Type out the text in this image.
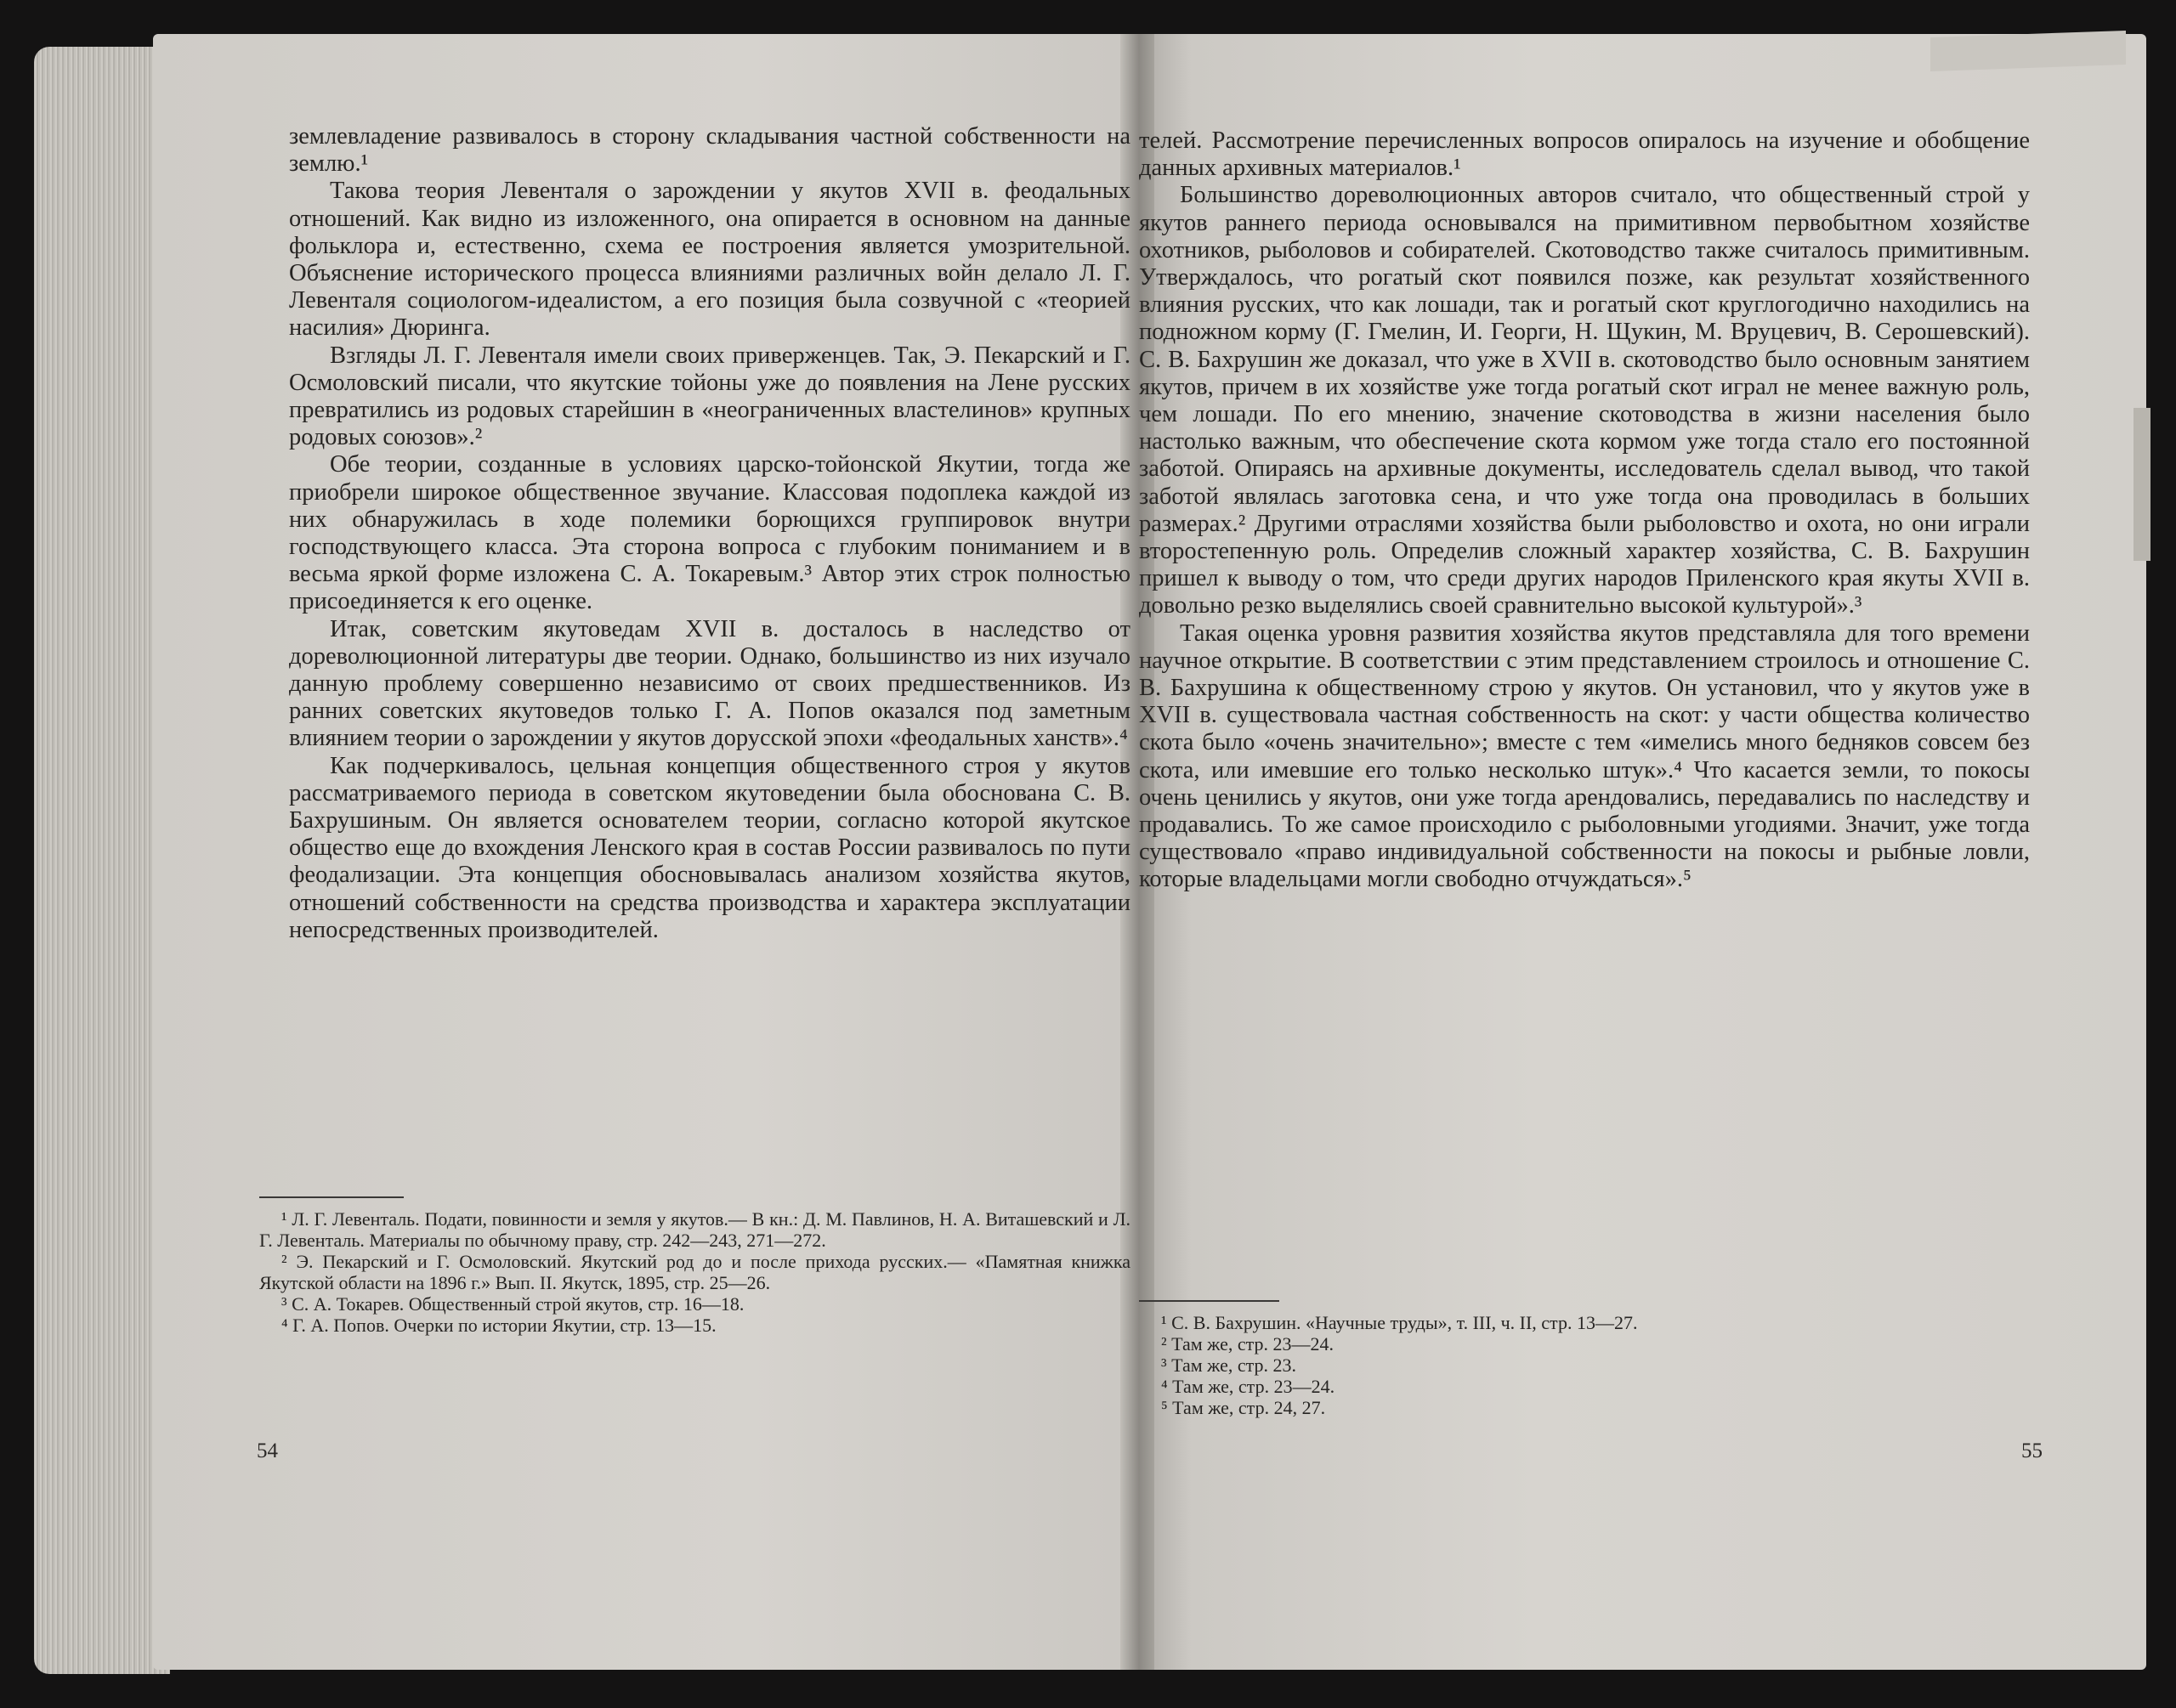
землевладение развивалось в сторону складывания частной собственности на землю.¹

Такова теория Левенталя о зарождении у якутов XVII в. феодальных отношений. Как видно из изложенного, она опирается в основном на данные фольклора и, естественно, схема ее построения является умозрительной. Объяснение исторического процесса влияниями различных войн делало Л. Г. Левенталя социологом-идеалистом, а его позиция была созвучной с «теорией насилия» Дюринга.

Взгляды Л. Г. Левенталя имели своих приверженцев. Так, Э. Пекарский и Г. Осмоловский писали, что якутские тойоны уже до появления на Лене русских превратились из родовых старейшин в «неограниченных властелинов» крупных родовых союзов».²

Обе теории, созданные в условиях царско-тойонской Якутии, тогда же приобрели широкое общественное звучание. Классовая подоплека каждой из них обнаружилась в ходе полемики борющихся группировок внутри господствующего класса. Эта сторона вопроса с глубоким пониманием и в весьма яркой форме изложена С. А. Токаревым.³ Автор этих строк полностью присоединяется к его оценке.

Итак, советским якутоведам XVII в. досталось в наследство от дореволюционной литературы две теории. Однако, большинство из них изучало данную проблему совершенно независимо от своих предшественников. Из ранних советских якутоведов только Г. А. Попов оказался под заметным влиянием теории о зарождении у якутов дорусской эпохи «феодальных ханств».⁴

Как подчеркивалось, цельная концепция общественного строя у якутов рассматриваемого периода в советском якутоведении была обоснована С. В. Бахрушиным. Он является основателем теории, согласно которой якутское общество еще до вхождения Ленского края в состав России развивалось по пути феодализации. Эта концепция обосновывалась анализом хозяйства якутов, отношений собственности на средства производства и характера эксплуатации непосредственных производителей.

¹ Л. Г. Левенталь. Подати, повинности и земля у якутов.— В кн.: Д. М. Павлинов, Н. А. Виташевский и Л. Г. Левенталь. Материалы по обычному праву, стр. 242—243, 271—272.

² Э. Пекарский и Г. Осмоловский. Якутский род до и после прихода русских.— «Памятная книжка Якутской области на 1896 г.» Вып. II. Якутск, 1895, стр. 25—26.

³ С. А. Токарев. Общественный строй якутов, стр. 16—18.

⁴ Г. А. Попов. Очерки по истории Якутии, стр. 13—15.

54

телей. Рассмотрение перечисленных вопросов опиралось на изучение и обобщение данных архивных материалов.¹

Большинство дореволюционных авторов считало, что общественный строй у якутов раннего периода основывался на примитивном первобытном хозяйстве охотников, рыболовов и собирателей. Скотоводство также считалось примитивным. Утверждалось, что рогатый скот появился позже, как результат хозяйственного влияния русских, что как лошади, так и рогатый скот круглогодично находились на подножном корму (Г. Гмелин, И. Георги, Н. Щукин, М. Вруцевич, В. Серошевский). С. В. Бахрушин же доказал, что уже в XVII в. скотоводство было основным занятием якутов, причем в их хозяйстве уже тогда рогатый скот играл не менее важную роль, чем лошади. По его мнению, значение скотоводства в жизни населения было настолько важным, что обеспечение скота кормом уже тогда стало его постоянной заботой. Опираясь на архивные документы, исследователь сделал вывод, что такой заботой являлась заготовка сена, и что уже тогда она проводилась в больших размерах.² Другими отраслями хозяйства были рыболовство и охота, но они играли второстепенную роль. Определив сложный характер хозяйства, С. В. Бахрушин пришел к выводу о том, что среди других народов Приленского края якуты XVII в. довольно резко выделялись своей сравнительно высокой культурой».³

Такая оценка уровня развития хозяйства якутов представляла для того времени научное открытие. В соответствии с этим представлением строилось и отношение С. В. Бахрушина к общественному строю у якутов. Он установил, что у якутов уже в XVII в. существовала частная собственность на скот: у части общества количество скота было «очень значительно»; вместе с тем «имелись много бедняков совсем без скота, или имевшие его только несколько штук».⁴ Что касается земли, то покосы очень ценились у якутов, они уже тогда арендовались, передавались по наследству и продавались. То же самое происходило с рыболовными угодиями. Значит, уже тогда существовало «право индивидуальной собственности на покосы и рыбные ловли, которые владельцами могли свободно отчуждаться».⁵

¹ С. В. Бахрушин. «Научные труды», т. III, ч. II, стр. 13—27.

² Там же, стр. 23—24.

³ Там же, стр. 23.

⁴ Там же, стр. 23—24.

⁵ Там же, стр. 24, 27.

55
